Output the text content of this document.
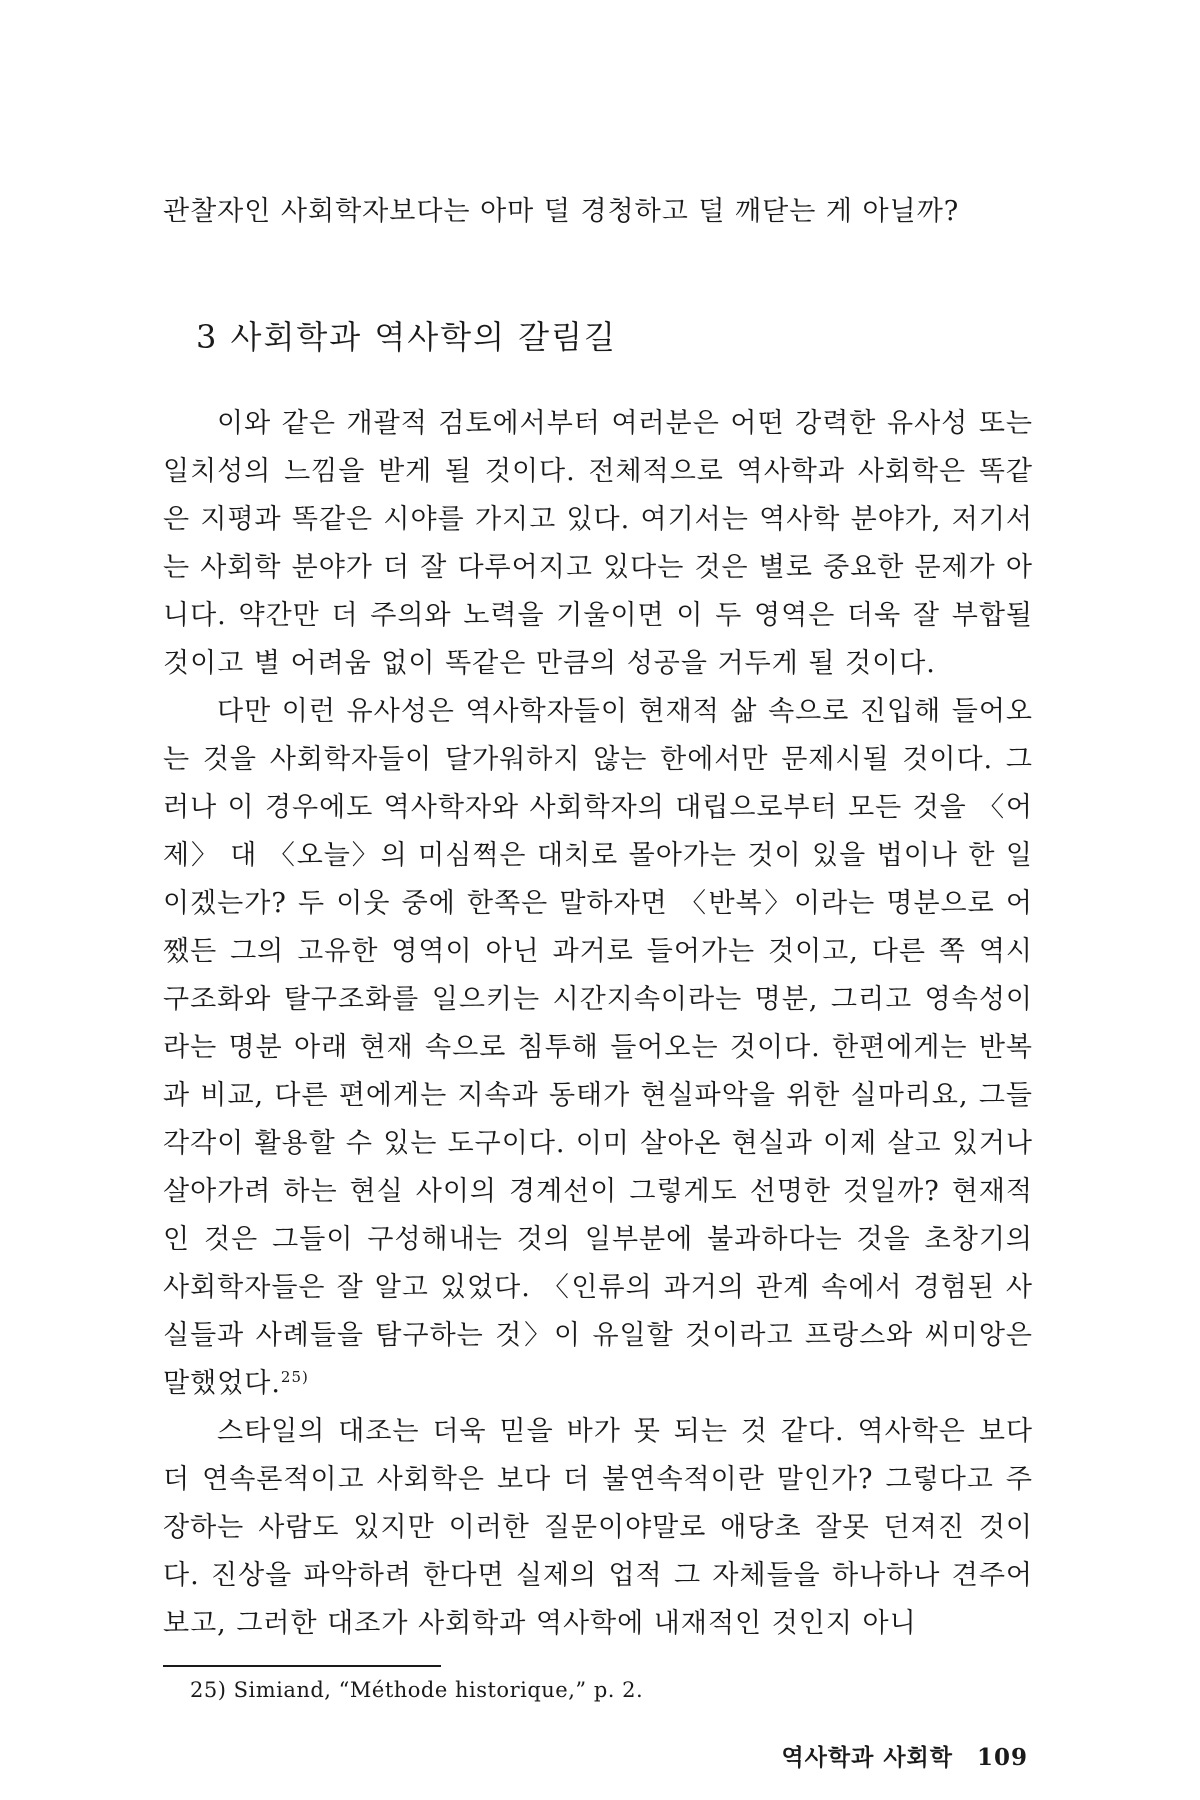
관찰자인 사회학자보다는 아마 덜 경청하고 덜 깨닫는 게 아닐까?
3 사회학과 역사학의 갈림길

이와 같은 개괄적 검토에서부터 여러분은 어떤 강력한 유사성 또는 일치성의 느낌을 받게 될 것이다. 전체적으로 역사학과 사회학은 똑같은 지평과 똑같은 시야를 가지고 있다. 여기서는 역사학 분야가, 저기서는 사회학 분야가 더 잘 다루어지고 있다는 것은 별로 중요한 문제가 아니다. 약간만 더 주의와 노력을 기울이면 이 두 영역은 더욱 잘 부합될 것이고 별 어려움 없이 똑같은 만큼의 성공을 거두게 될 것이다.

다만 이런 유사성은 역사학자들이 현재적 삶 속으로 진입해 들어오는 것을 사회학자들이 달가워하지 않는 한에서만 문제시될 것이다. 그러나 이 경우에도 역사학자와 사회학자의 대립으로부터 모든 것을 〈어제〉 대 〈오늘〉의 미심쩍은 대치로 몰아가는 것이 있을 법이나 한 일이겠는가? 두 이웃 중에 한쪽은 말하자면 〈반복〉이라는 명분으로 어쨌든 그의 고유한 영역이 아닌 과거로 들어가는 것이고, 다른 쪽 역시 구조화와 탈구조화를 일으키는 시간지속이라는 명분, 그리고 영속성이라는 명분 아래 현재 속으로 침투해 들어오는 것이다. 한편에게는 반복과 비교, 다른 편에게는 지속과 동태가 현실파악을 위한 실마리요, 그들 각각이 활용할 수 있는 도구이다. 이미 살아온 현실과 이제 살고 있거나 살아가려 하는 현실 사이의 경계선이 그렇게도 선명한 것일까? 현재적인 것은 그들이 구성해내는 것의 일부분에 불과하다는 것을 초창기의 사회학자들은 잘 알고 있었다. 〈인류의 과거의 관계 속에서 경험된 사실들과 사례들을 탐구하는 것〉이 유일할 것이라고 프랑스와 씨미앙은 말했었다.$^{25)}$

스타일의 대조는 더욱 믿을 바가 못 되는 것 같다. 역사학은 보다 더 연속론적이고 사회학은 보다 더 불연속적이란 말인가? 그렇다고 주장하는 사람도 있지만 이러한 질문이야말로 애당초 잘못 던져진 것이다. 진상을 파악하려 한다면 실제의 업적 그 자체들을 하나하나 견주어 보고, 그러한 대조가 사회학과 역사학에 내재적인 것인지 아니

25) Simiand, “Méthode historique,” p. 2.
역사학과 사회학 109
